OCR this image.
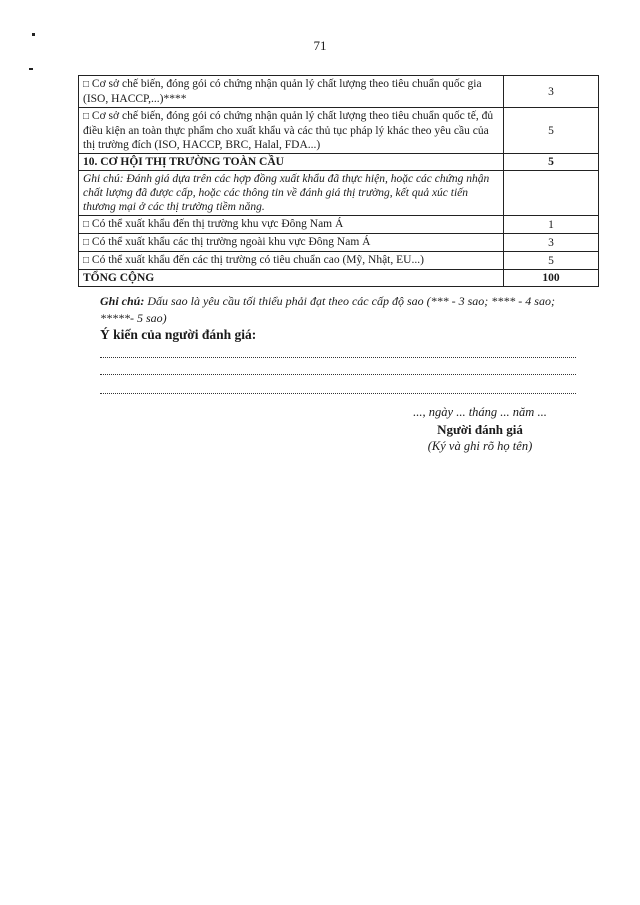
71
□ Cơ sở chế biến, đóng gói có chứng nhận quản lý chất lượng theo tiêu chuẩn quốc gia (ISO, HACCP,...)****	3
□ Cơ sở chế biến, đóng gói có chứng nhận quản lý chất lượng theo tiêu chuẩn quốc tế, đủ điều kiện an toàn thực phẩm cho xuất khẩu và các thủ tục pháp lý khác theo yêu cầu của thị trường đích (ISO, HACCP, BRC, Halal, FDA...)	5
10. CƠ HỘI THỊ TRƯỜNG TOÀN CẦU	5
Ghi chú: Đánh giá dựa trên các hợp đồng xuất khẩu đã thực hiện, hoặc các chứng nhận chất lượng đã được cấp, hoặc các thông tin về đánh giá thị trường, kết quả xúc tiến thương mại ở các thị trường tiềm năng.	
□ Có thể xuất khẩu đến thị trường khu vực Đông Nam Á	1
□ Có thể xuất khẩu các thị trường ngoài khu vực Đông Nam Á	3
□ Có thể xuất khẩu đến các thị trường có tiêu chuẩn cao (Mỹ, Nhật, EU...)	5
TỔNG CỘNG	100
Ghi chú: Dấu sao là yêu cầu tối thiểu phải đạt theo các cấp độ sao (*** - 3 sao; **** - 4 sao; *****- 5 sao)
Ý kiến của người đánh giá:
..., ngày ... tháng ... năm ...
Người đánh giá
(Ký và ghi rõ họ tên)
